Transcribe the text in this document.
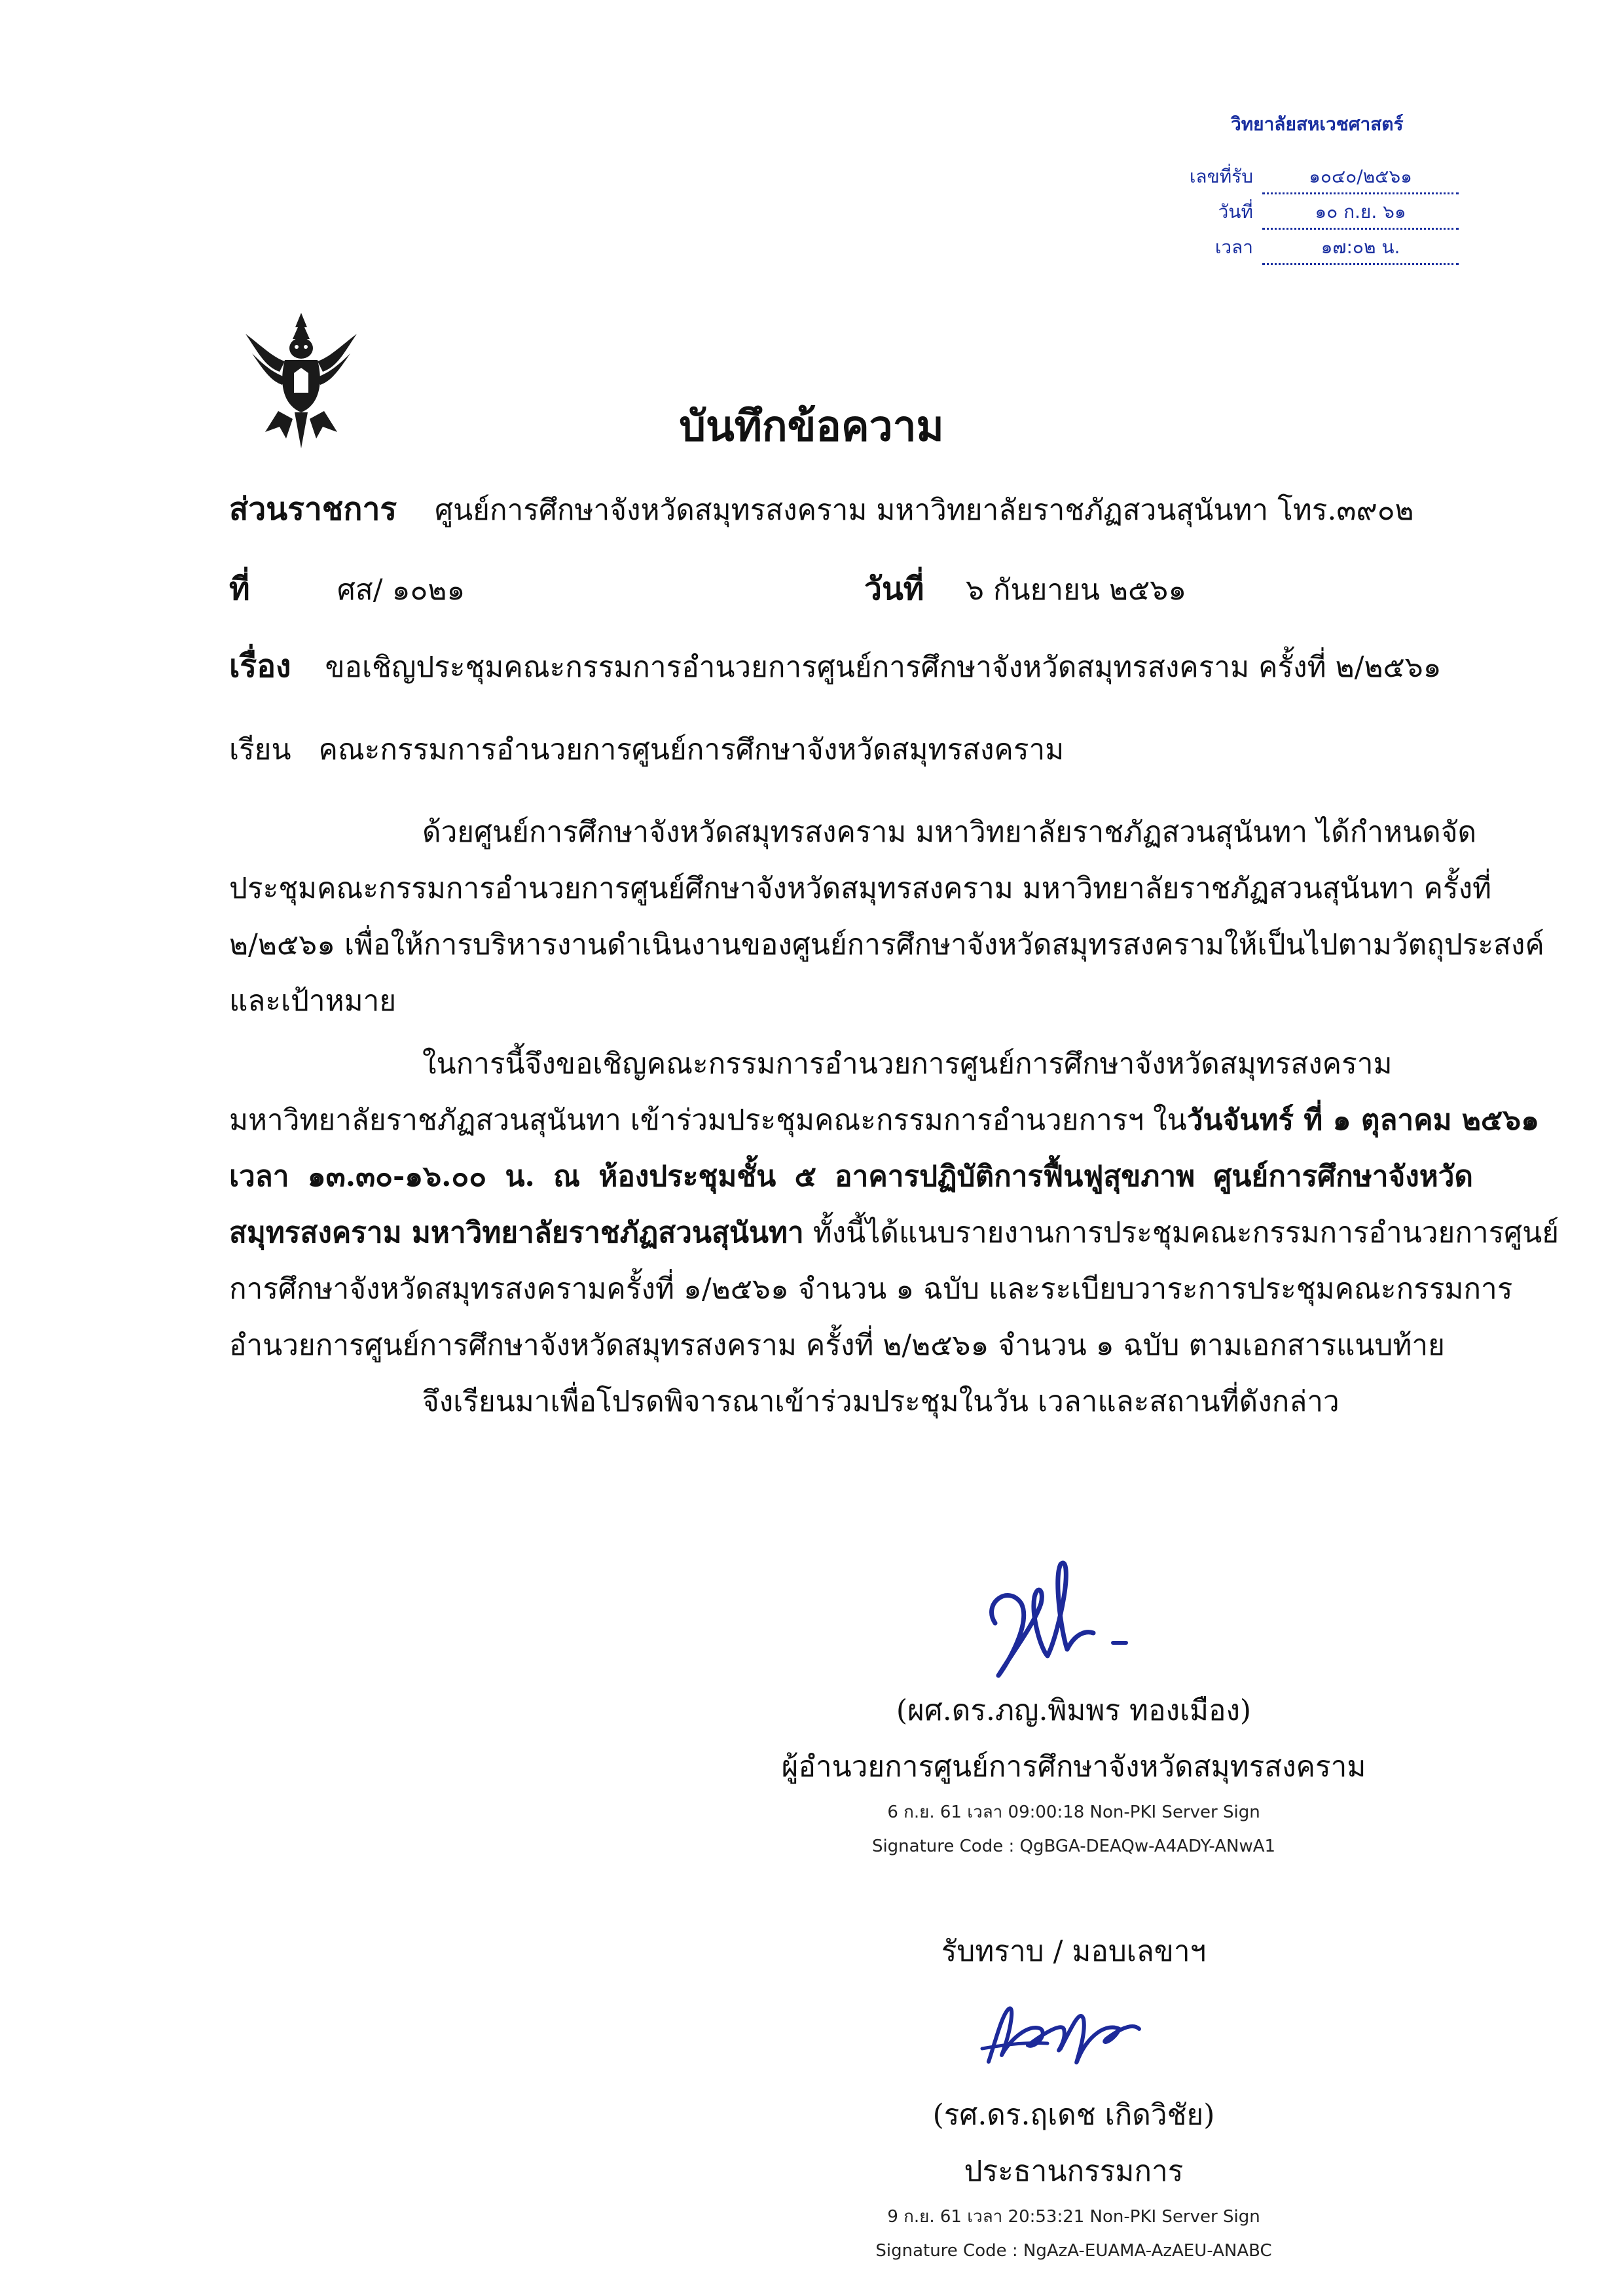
วิทยาลัยสหเวชศาสตร์
เลขที่รับ	๑๐๔๐/๒๕๖๑
วันที่	๑๐ ก.ย. ๖๑
เวลา	๑๗:๐๒ น.
บันทึกข้อความ
ส่วนราชการ ศูนย์การศึกษาจังหวัดสมุทรสงคราม มหาวิทยาลัยราชภัฏสวนสุนันทา โทร.๓๙๐๒
ที่	ศส/ ๑๐๒๑	วันที่ ๖ กันยายน ๒๕๖๑
เรื่อง ขอเชิญประชุมคณะกรรมการอำนวยการศูนย์การศึกษาจังหวัดสมุทรสงคราม ครั้งที่ ๒/๒๕๖๑
เรียน คณะกรรมการอำนวยการศูนย์การศึกษาจังหวัดสมุทรสงคราม
ด้วยศูนย์การศึกษาจังหวัดสมุทรสงคราม มหาวิทยาลัยราชภัฏสวนสุนันทา ได้กำหนดจัด
ประชุมคณะกรรมการอำนวยการศูนย์ศึกษาจังหวัดสมุทรสงคราม มหาวิทยาลัยราชภัฏสวนสุนันทา ครั้งที่
๒/๒๕๖๑ เพื่อให้การบริหารงานดำเนินงานของศูนย์การศึกษาจังหวัดสมุทรสงครามให้เป็นไปตามวัตถุประสงค์
และเป้าหมาย
ในการนี้จึงขอเชิญคณะกรรมการอำนวยการศูนย์การศึกษาจังหวัดสมุทรสงคราม
มหาวิทยาลัยราชภัฏสวนสุนันทา เข้าร่วมประชุมคณะกรรมการอำนวยการฯ ในวันจันทร์ ที่ ๑ ตุลาคม ๒๕๖๑
เวลา ๑๓.๓๐-๑๖.๐๐ น. ณ ห้องประชุมชั้น ๕ อาคารปฏิบัติการฟื้นฟูสุขภาพ ศูนย์การศึกษาจังหวัด
สมุทรสงคราม มหาวิทยาลัยราชภัฏสวนสุนันทา ทั้งนี้ได้แนบรายงานการประชุมคณะกรรมการอำนวยการศูนย์
การศึกษาจังหวัดสมุทรสงครามครั้งที่ ๑/๒๕๖๑ จำนวน ๑ ฉบับ และระเบียบวาระการประชุมคณะกรรมการ
อำนวยการศูนย์การศึกษาจังหวัดสมุทรสงคราม ครั้งที่ ๒/๒๕๖๑ จำนวน ๑ ฉบับ ตามเอกสารแนบท้าย
จึงเรียนมาเพื่อโปรดพิจารณาเข้าร่วมประชุมในวัน เวลาและสถานที่ดังกล่าว
(ผศ.ดร.ภญ.พิมพร ทองเมือง)
ผู้อำนวยการศูนย์การศึกษาจังหวัดสมุทรสงคราม
6 ก.ย. 61 เวลา 09:00:18 Non-PKI Server Sign
Signature Code : QgBGA-DEAQw-A4ADY-ANwA1
รับทราบ / มอบเลขาฯ
(รศ.ดร.ฤเดช เกิดวิชัย)
ประธานกรรมการ
9 ก.ย. 61 เวลา 20:53:21 Non-PKI Server Sign
Signature Code : NgAzA-EUAMA-AzAEU-ANABC
